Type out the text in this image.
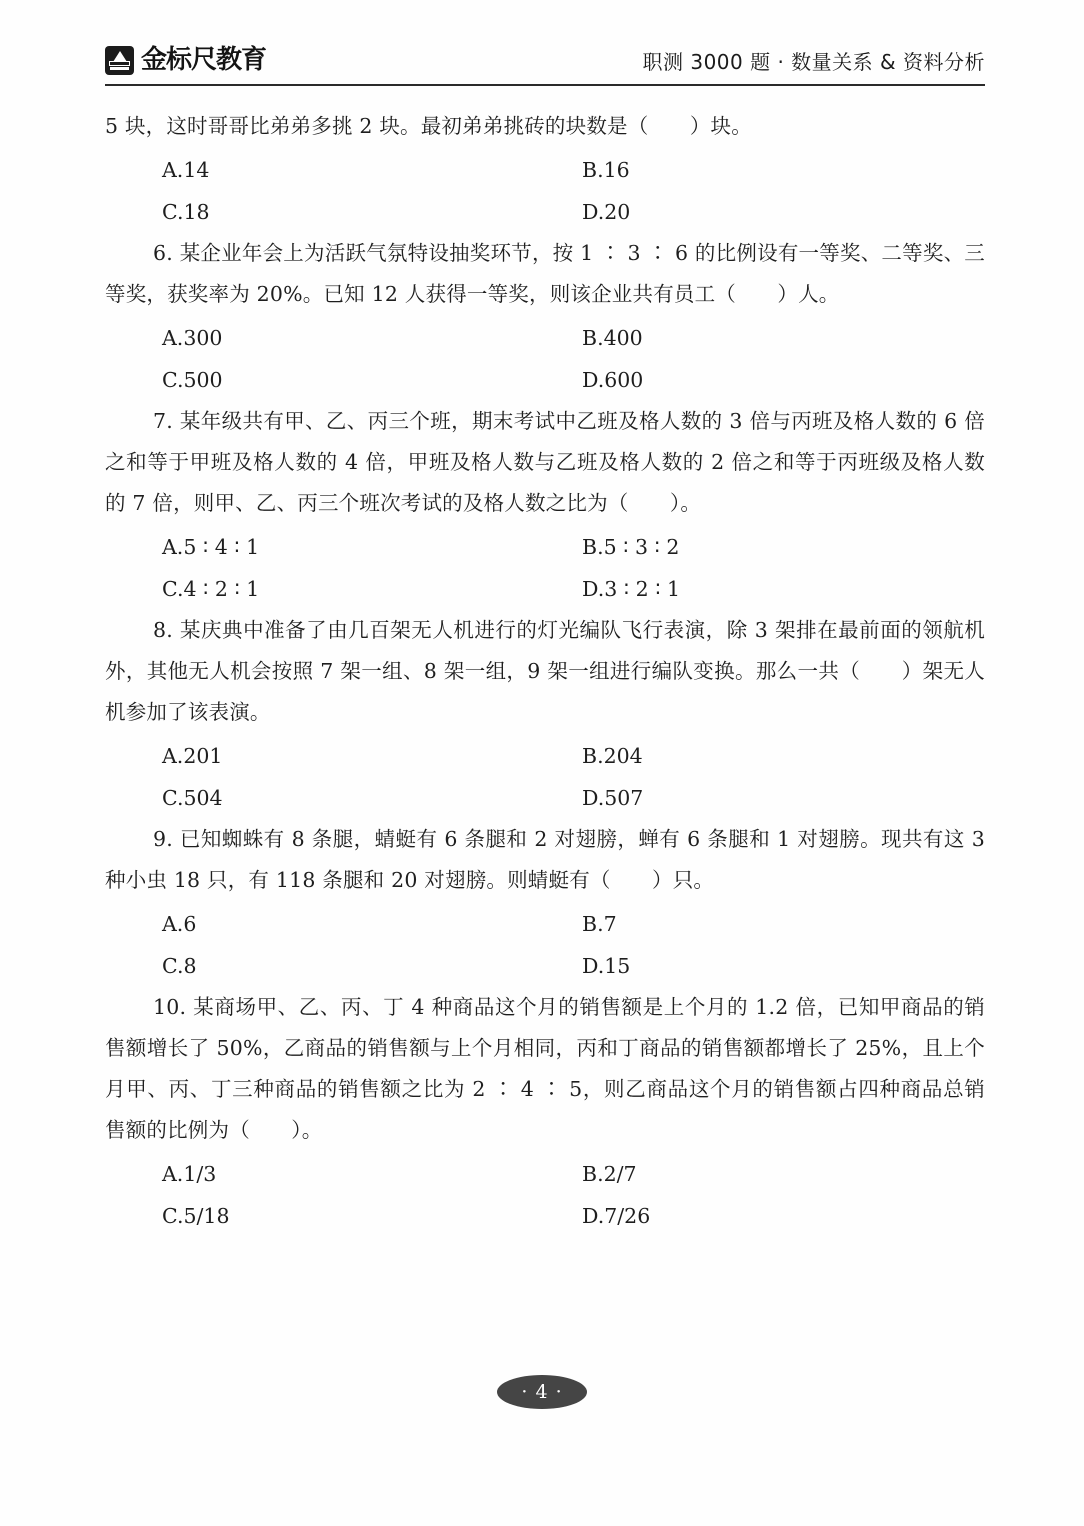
金标尺教育	职测 3000 题 · 数量关系 & 资料分析

5 块，这时哥哥比弟弟多挑 2 块。最初弟弟挑砖的块数是（　　）块。

A.14	B.16
C.18	D.20

6. 某企业年会上为活跃气氛特设抽奖环节，按 1 ∶ 3 ∶ 6 的比例设有一等奖、二等奖、三等奖，获奖率为 20%。已知 12 人获得一等奖，则该企业共有员工（　　）人。

A.300	B.400
C.500	D.600

7. 某年级共有甲、乙、丙三个班，期末考试中乙班及格人数的 3 倍与丙班及格人数的 6 倍之和等于甲班及格人数的 4 倍，甲班及格人数与乙班及格人数的 2 倍之和等于丙班级及格人数的 7 倍，则甲、乙、丙三个班次考试的及格人数之比为（　　）。

A.5 ∶ 4 ∶ 1	B.5 ∶ 3 ∶ 2
C.4 ∶ 2 ∶ 1	D.3 ∶ 2 ∶ 1

8. 某庆典中准备了由几百架无人机进行的灯光编队飞行表演，除 3 架排在最前面的领航机外，其他无人机会按照 7 架一组、8 架一组，9 架一组进行编队变换。那么一共（　　）架无人机参加了该表演。

A.201	B.204
C.504	D.507

9. 已知蜘蛛有 8 条腿，蜻蜓有 6 条腿和 2 对翅膀，蝉有 6 条腿和 1 对翅膀。现共有这 3 种小虫 18 只，有 118 条腿和 20 对翅膀。则蜻蜓有（　　）只。

A.6	B.7
C.8	D.15

10. 某商场甲、乙、丙、丁 4 种商品这个月的销售额是上个月的 1.2 倍，已知甲商品的销售额增长了 50%，乙商品的销售额与上个月相同，丙和丁商品的销售额都增长了 25%，且上个月甲、丙、丁三种商品的销售额之比为 2 ∶ 4 ∶ 5，则乙商品这个月的销售额占四种商品总销售额的比例为（　　）。

A.1/3	B.2/7
C.5/18	D.7/26
· 4 ·
